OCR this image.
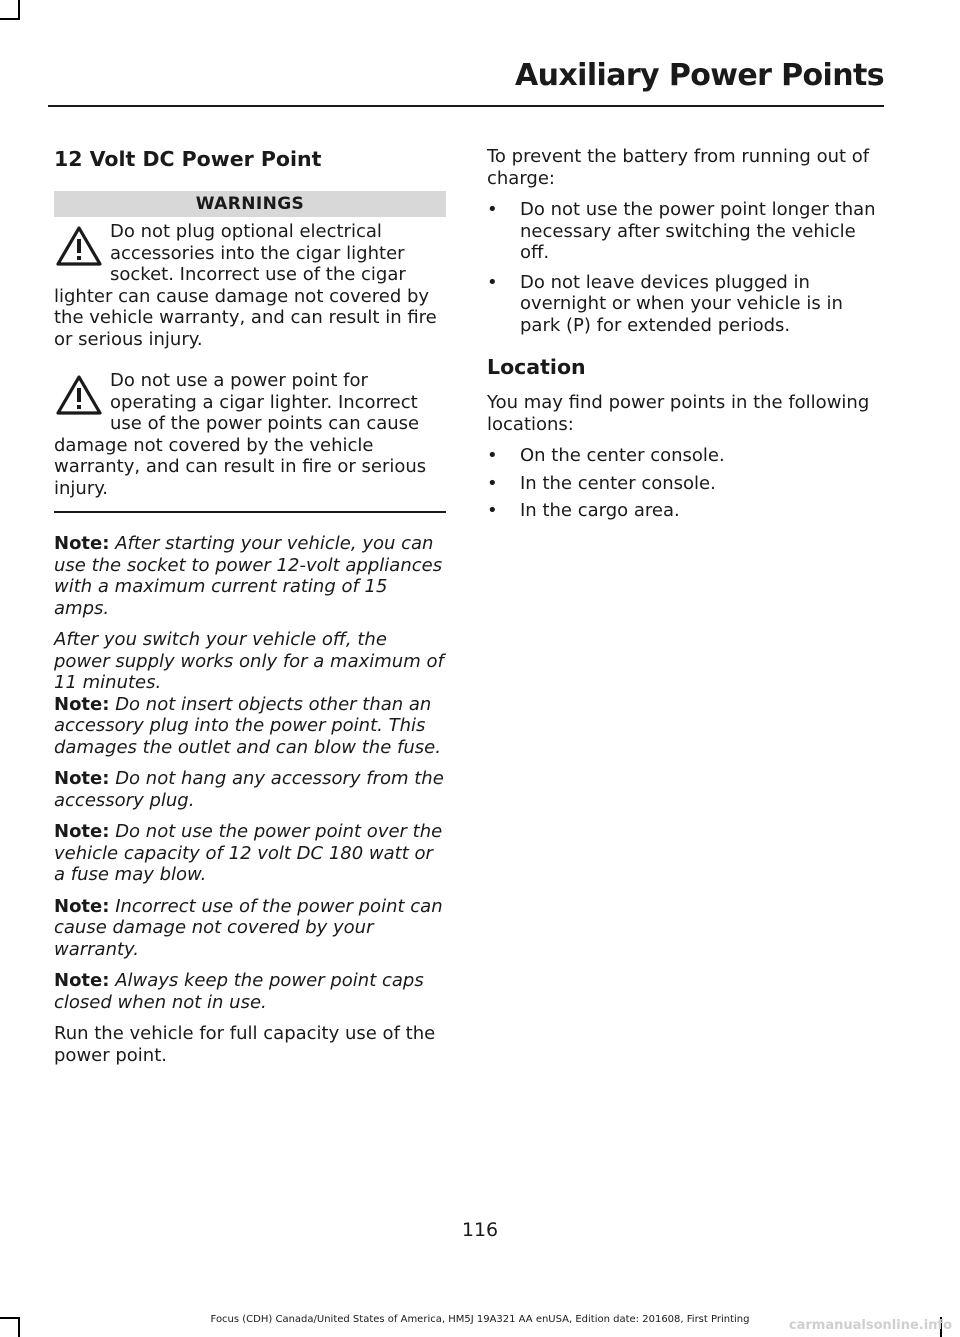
Auxiliary Power Points
12 Volt DC Power Point
WARNINGS
Do not plug optional electrical accessories into the cigar lighter socket. Incorrect use of the cigar lighter can cause damage not covered by the vehicle warranty, and can result in fire or serious injury.
Do not use a power point for operating a cigar lighter. Incorrect use of the power points can cause damage not covered by the vehicle warranty, and can result in fire or serious injury.

Note: After starting your vehicle, you can use the socket to power 12-volt appliances with a maximum current rating of 15 amps.

After you switch your vehicle off, the power supply works only for a maximum of 11 minutes.

Note: Do not insert objects other than an accessory plug into the power point. This damages the outlet and can blow the fuse.

Note: Do not hang any accessory from the accessory plug.

Note: Do not use the power point over the vehicle capacity of 12 volt DC 180 watt or a fuse may blow.

Note: Incorrect use of the power point can cause damage not covered by your warranty.

Note: Always keep the power point caps closed when not in use.

Run the vehicle for full capacity use of the power point.

To prevent the battery from running out of charge:

• Do not use the power point longer than necessary after switching the vehicle off.
• Do not leave devices plugged in overnight or when your vehicle is in park (P) for extended periods.
Location

You may find power points in the following locations:

• On the center console.
• In the center console.
• In the cargo area.
116
Focus (CDH) Canada/United States of America, HM5J 19A321 AA enUSA, Edition date: 201608, First Printing	carmanualsonline.info
